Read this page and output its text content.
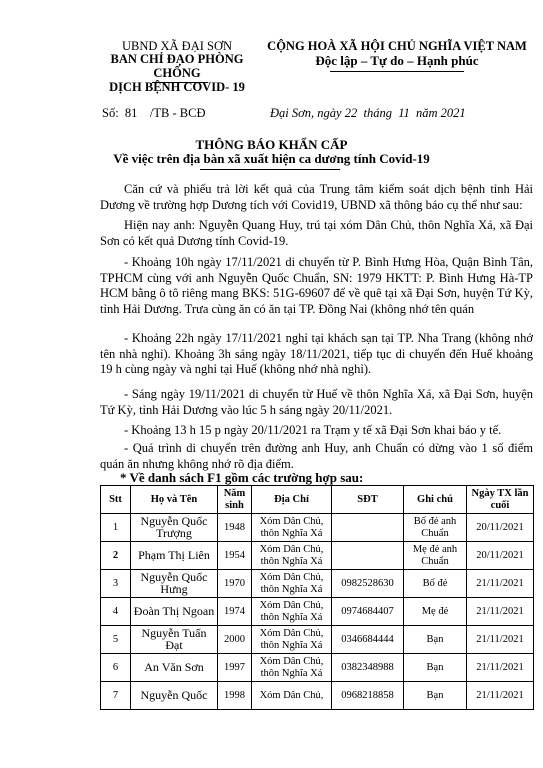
UBND XÃ ĐẠI SƠN
BAN CHỈ ĐẠO PHÒNG CHỐNG
DỊCH BỆNH COVID- 19
CỘNG HOÀ XÃ HỘI CHỦ NGHĨA VIỆT NAM
Độc lập – Tự do – Hạnh phúc
Số:  81    /TB - BCĐ	Đại Sơn, ngày 22  tháng  11  năm 2021
THÔNG BÁO KHẨN CẤP
Về việc trên địa bàn xã xuất hiện ca dương tính Covid-19
Căn cứ và phiếu trả lời kết quả của Trung tâm kiểm soát dịch bệnh tỉnh Hải Dương về trường hợp Dương tích với Covid19, UBND xã thông báo cụ thể như sau:
Hiện nay anh: Nguyễn Quang Huy, trú tại xóm Dân Chủ, thôn Nghĩa Xá, xã Đại Sơn có kết quả Dương tính Covid-19.
- Khoảng 10h ngày 17/11/2021 di chuyển từ P. Bình Hưng Hòa, Quận Bình Tân, TPHCM cùng với anh Nguyễn Quốc Chuẩn, SN: 1979 HKTT: P. Bình Hưng Hà-TP HCM bằng ô tô riêng mang BKS: 51G-69607 để về quê tại xã Đại Sơn, huyện Tứ Kỳ, tỉnh Hải Dương. Trưa cùng ăn có ăn tại TP. Đồng Nai (không nhớ tên quán
- Khoảng 22h ngày 17/11/2021 nghỉ tại khách sạn tại TP. Nha Trang (không nhớ tên nhà nghỉ). Khoảng 3h sáng ngày 18/11/2021, tiếp tục di chuyển đến Huế khoảng 19 h cùng ngày và nghỉ tại Huế (không nhớ nhà nghỉ).
- Sáng ngày 19/11/2021 di chuyển từ Huế về thôn Nghĩa Xá, xã Đại Sơn, huyện Tứ Kỳ, tỉnh Hải Dương vào lúc 5 h sáng ngày 20/11/2021.
- Khoảng 13 h 15 p ngày 20/11/2021 ra Trạm y tế xã Đại Sơn khai báo y tế.
- Quá trình di chuyển trên đường anh Huy, anh Chuẩn có dừng vào 1 số điểm quán ăn nhưng không nhớ rõ địa điểm.
* Về danh sách F1 gồm các trường hợp sau:
Stt	Họ và Tên	Năm sinh	Địa Chỉ	SĐT	Ghi chú	Ngày TX lần cuối
1	Nguyễn Quốc Trượng	1948	Xóm Dân Chủ, thôn Nghĩa Xá		Bố đẻ anh Chuẩn	20/11/2021
2	Phạm Thị Liên	1954	Xóm Dân Chủ, thôn Nghĩa Xá		Mẹ đẻ anh Chuẩn	20/11/2021
3	Nguyễn Quốc Hưng	1970	Xóm Dân Chủ, thôn Nghĩa Xá	0982528630	Bố đẻ	21/11/2021
4	Đoàn Thị Ngoan	1974	Xóm Dân Chủ, thôn Nghĩa Xá	0974684407	Mẹ đẻ	21/11/2021
5	Nguyễn Tuấn Đạt	2000	Xóm Dân Chủ, thôn Nghĩa Xá	0346684444	Bạn	21/11/2021
6	An Văn Sơn	1997	Xóm Dân Chủ, thôn Nghĩa Xá	0382348988	Bạn	21/11/2021
7	Nguyễn Quốc	1998	Xóm Dân Chủ,	0968218858	Bạn	21/11/2021
